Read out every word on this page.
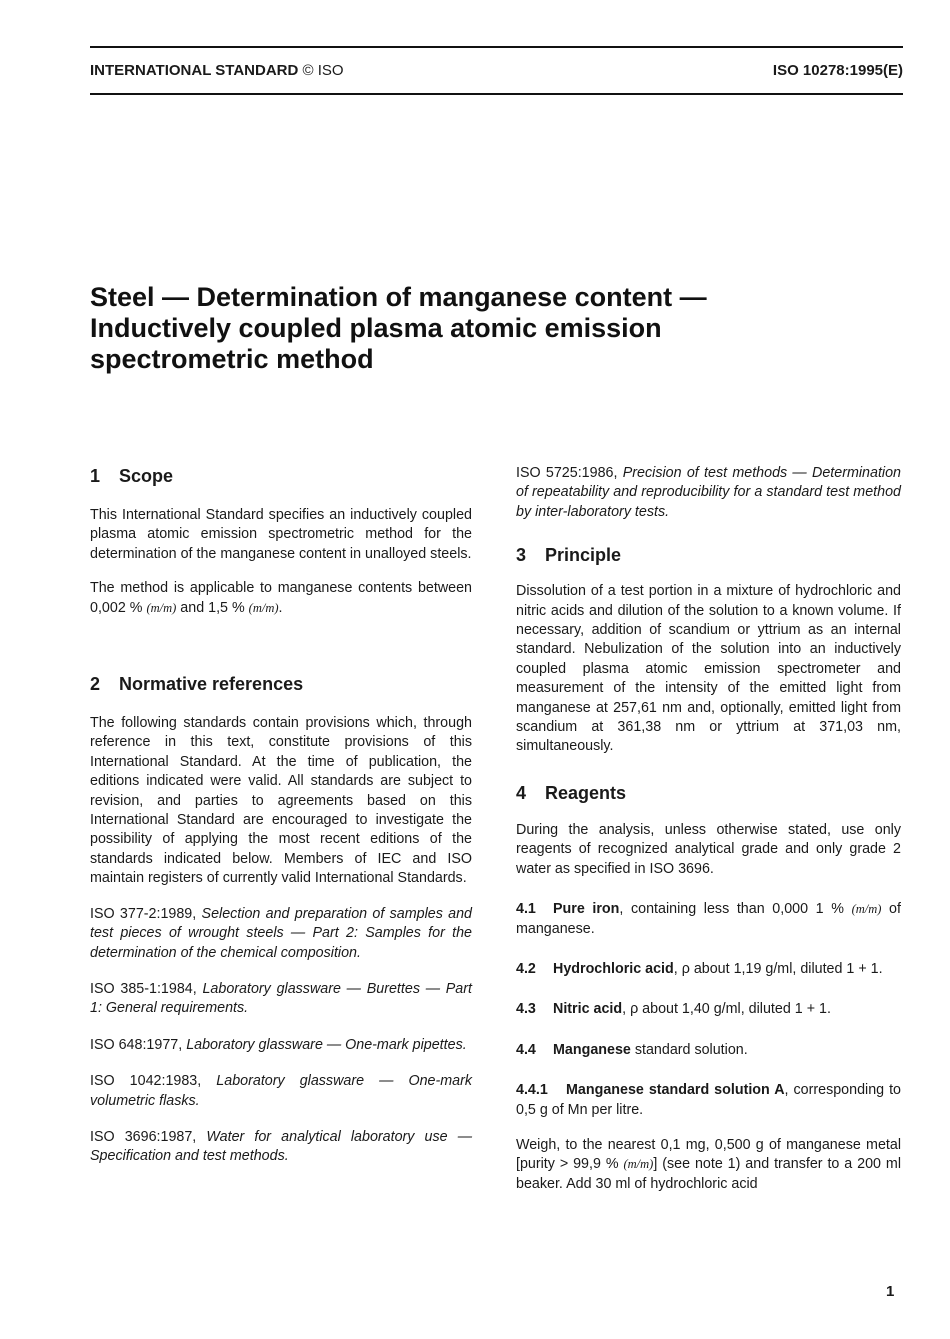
INTERNATIONAL STANDARD © ISO	ISO 10278:1995(E)
Steel — Determination of manganese content —
Inductively coupled plasma atomic emission
spectrometric method
1 Scope

This International Standard specifies an inductively coupled plasma atomic emission spectrometric method for the determination of the manganese content in unalloyed steels.

The method is applicable to manganese contents between 0,002 % (m/m) and 1,5 % (m/m).

2 Normative references

The following standards contain provisions which, through reference in this text, constitute provisions of this International Standard. At the time of publication, the editions indicated were valid. All standards are subject to revision, and parties to agreements based on this International Standard are encouraged to investigate the possibility of applying the most recent editions of the standards indicated below. Members of IEC and ISO maintain registers of currently valid International Standards.

ISO 377-2:1989, Selection and preparation of samples and test pieces of wrought steels — Part 2: Samples for the determination of the chemical composition.

ISO 385-1:1984, Laboratory glassware — Burettes — Part 1: General requirements.

ISO 648:1977, Laboratory glassware — One-mark pipettes.

ISO 1042:1983, Laboratory glassware — One-mark volumetric flasks.

ISO 3696:1987, Water for analytical laboratory use — Specification and test methods.

ISO 5725:1986, Precision of test methods — Determination of repeatability and reproducibility for a standard test method by inter-laboratory tests.

3 Principle

Dissolution of a test portion in a mixture of hydrochloric and nitric acids and dilution of the solution to a known volume. If necessary, addition of scandium or yttrium as an internal standard. Nebulization of the solution into an inductively coupled plasma atomic emission spectrometer and measurement of the intensity of the emitted light from manganese at 257,61 nm and, optionally, emitted light from scandium at 361,38 nm or yttrium at 371,03 nm, simultaneously.

4 Reagents

During the analysis, unless otherwise stated, use only reagents of recognized analytical grade and only grade 2 water as specified in ISO 3696.

4.1 Pure iron, containing less than 0,000 1 % (m/m) of manganese.

4.2 Hydrochloric acid, ρ about 1,19 g/ml, diluted 1 + 1.

4.3 Nitric acid, ρ about 1,40 g/ml, diluted 1 + 1.

4.4 Manganese standard solution.

4.4.1 Manganese standard solution A, corresponding to 0,5 g of Mn per litre.

Weigh, to the nearest 0,1 mg, 0,500 g of manganese metal [purity > 99,9 % (m/m)] (see note 1) and transfer to a 200 ml beaker. Add 30 ml of hydrochloric acid

1
